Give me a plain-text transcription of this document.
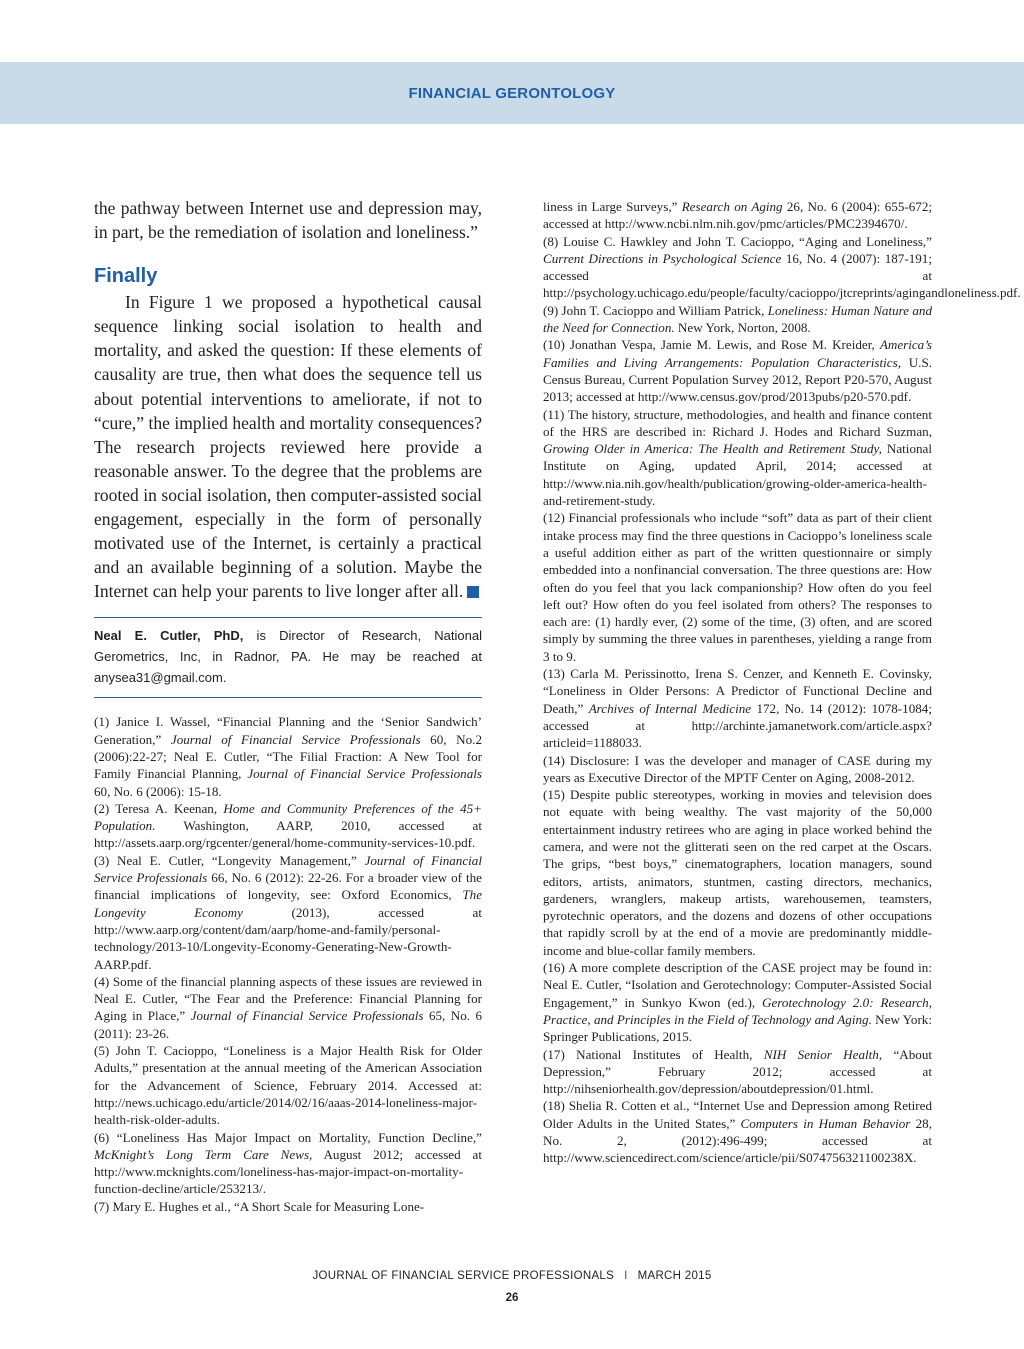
FINANCIAL GERONTOLOGY

the pathway between Internet use and depression may, in part, be the remediation of isolation and loneliness.”

Finally

In Figure 1 we proposed a hypothetical causal sequence linking social isolation to health and mortality, and asked the question: If these elements of causality are true, then what does the sequence tell us about potential interventions to ameliorate, if not to “cure,” the implied health and mortality consequences? The research projects reviewed here provide a reasonable answer. To the degree that the problems are rooted in social isolation, then computer-assisted social engagement, especially in the form of personally motivated use of the Internet, is certainly a practical and an available beginning of a solution. Maybe the Internet can help your parents to live longer after all.

Neal E. Cutler, PhD, is Director of Research, National Gerometrics, Inc, in Radnor, PA. He may be reached at anysea31@gmail.com.

(1) Janice I. Wassel, “Financial Planning and the ‘Senior Sandwich’ Generation,” Journal of Financial Service Professionals 60, No.2 (2006):22-27; Neal E. Cutler, “The Filial Fraction: A New Tool for Family Financial Planning, Journal of Financial Service Professionals 60, No. 6 (2006): 15-18.

(2) Teresa A. Keenan, Home and Community Preferences of the 45+ Population. Washington, AARP, 2010, accessed at http://assets.aarp.org/rgcenter/general/home-community-services-10.pdf.

(3) Neal E. Cutler, “Longevity Management,” Journal of Financial Service Professionals 66, No. 6 (2012): 22-26. For a broader view of the financial implications of longevity, see: Oxford Economics, The Longevity Economy (2013), accessed at http://www.aarp.org/content/dam/aarp/home-and-family/personal-technology/2013-10/Longevity-Economy-Generating-New-Growth-AARP.pdf.

(4) Some of the financial planning aspects of these issues are reviewed in Neal E. Cutler, “The Fear and the Preference: Financial Planning for Aging in Place,” Journal of Financial Service Professionals 65, No. 6 (2011): 23-26.

(5) John T. Cacioppo, “Loneliness is a Major Health Risk for Older Adults,” presentation at the annual meeting of the American Association for the Advancement of Science, February 2014. Accessed at: http://news.uchicago.edu/article/2014/02/16/aaas-2014-loneliness-major-health-risk-older-adults.

(6) “Loneliness Has Major Impact on Mortality, Function Decline,” McKnight’s Long Term Care News, August 2012; accessed at http://www.mcknights.com/loneliness-has-major-impact-on-mortality-function-decline/article/253213/.

(7) Mary E. Hughes et al., “A Short Scale for Measuring Lone-

liness in Large Surveys,” Research on Aging 26, No. 6 (2004): 655-672; accessed at http://www.ncbi.nlm.nih.gov/pmc/articles/PMC2394670/.

(8) Louise C. Hawkley and John T. Cacioppo, “Aging and Loneliness,” Current Directions in Psychological Science 16, No. 4 (2007): 187-191; accessed at http://psychology.uchicago.edu/people/faculty/cacioppo/jtcreprints/agingandloneliness.pdf.

(9) John T. Cacioppo and William Patrick, Loneliness: Human Nature and the Need for Connection. New York, Norton, 2008.

(10) Jonathan Vespa, Jamie M. Lewis, and Rose M. Kreider, America’s Families and Living Arrangements: Population Characteristics, U.S. Census Bureau, Current Population Survey 2012, Report P20-570, August 2013; accessed at http://www.census.gov/prod/2013pubs/p20-570.pdf.

(11) The history, structure, methodologies, and health and finance content of the HRS are described in: Richard J. Hodes and Richard Suzman, Growing Older in America: The Health and Retirement Study, National Institute on Aging, updated April, 2014; accessed at http://www.nia.nih.gov/health/publication/growing-older-america-health-and-retirement-study.

(12) Financial professionals who include “soft” data as part of their client intake process may find the three questions in Cacioppo’s loneliness scale a useful addition either as part of the written questionnaire or simply embedded into a nonfinancial conversation. The three questions are: How often do you feel that you lack companionship? How often do you feel left out? How often do you feel isolated from others? The responses to each are: (1) hardly ever, (2) some of the time, (3) often, and are scored simply by summing the three values in parentheses, yielding a range from 3 to 9.

(13) Carla M. Perissinotto, Irena S. Cenzer, and Kenneth E. Covinsky, “Loneliness in Older Persons: A Predictor of Functional Decline and Death,” Archives of Internal Medicine 172, No. 14 (2012): 1078-1084; accessed at http://archinte.jamanetwork.com/article.aspx?articleid=1188033.

(14) Disclosure: I was the developer and manager of CASE during my years as Executive Director of the MPTF Center on Aging, 2008-2012.

(15) Despite public stereotypes, working in movies and television does not equate with being wealthy. The vast majority of the 50,000 entertainment industry retirees who are aging in place worked behind the camera, and were not the glitterati seen on the red carpet at the Oscars. The grips, “best boys,” cinematographers, location managers, sound editors, artists, animators, stuntmen, casting directors, mechanics, gardeners, wranglers, makeup artists, warehousemen, teamsters, pyrotechnic operators, and the dozens and dozens of other occupations that rapidly scroll by at the end of a movie are predominantly middle-income and blue-collar family members.

(16) A more complete description of the CASE project may be found in: Neal E. Cutler, “Isolation and Gerotechnology: Computer-Assisted Social Engagement,” in Sunkyo Kwon (ed.), Gerotechnology 2.0: Research, Practice, and Principles in the Field of Technology and Aging. New York: Springer Publications, 2015.

(17) National Institutes of Health, NIH Senior Health, “About Depression,” February 2012; accessed at http://nihseniorhealth.gov/depression/aboutdepression/01.html.

(18) Shelia R. Cotten et al., “Internet Use and Depression among Retired Older Adults in the United States,” Computers in Human Behavior 28, No. 2, (2012):496-499; accessed at http://www.sciencedirect.com/science/article/pii/S074756321100238X.

JOURNAL OF FINANCIAL SERVICE PROFESSIONALS I MARCH 2015
26
